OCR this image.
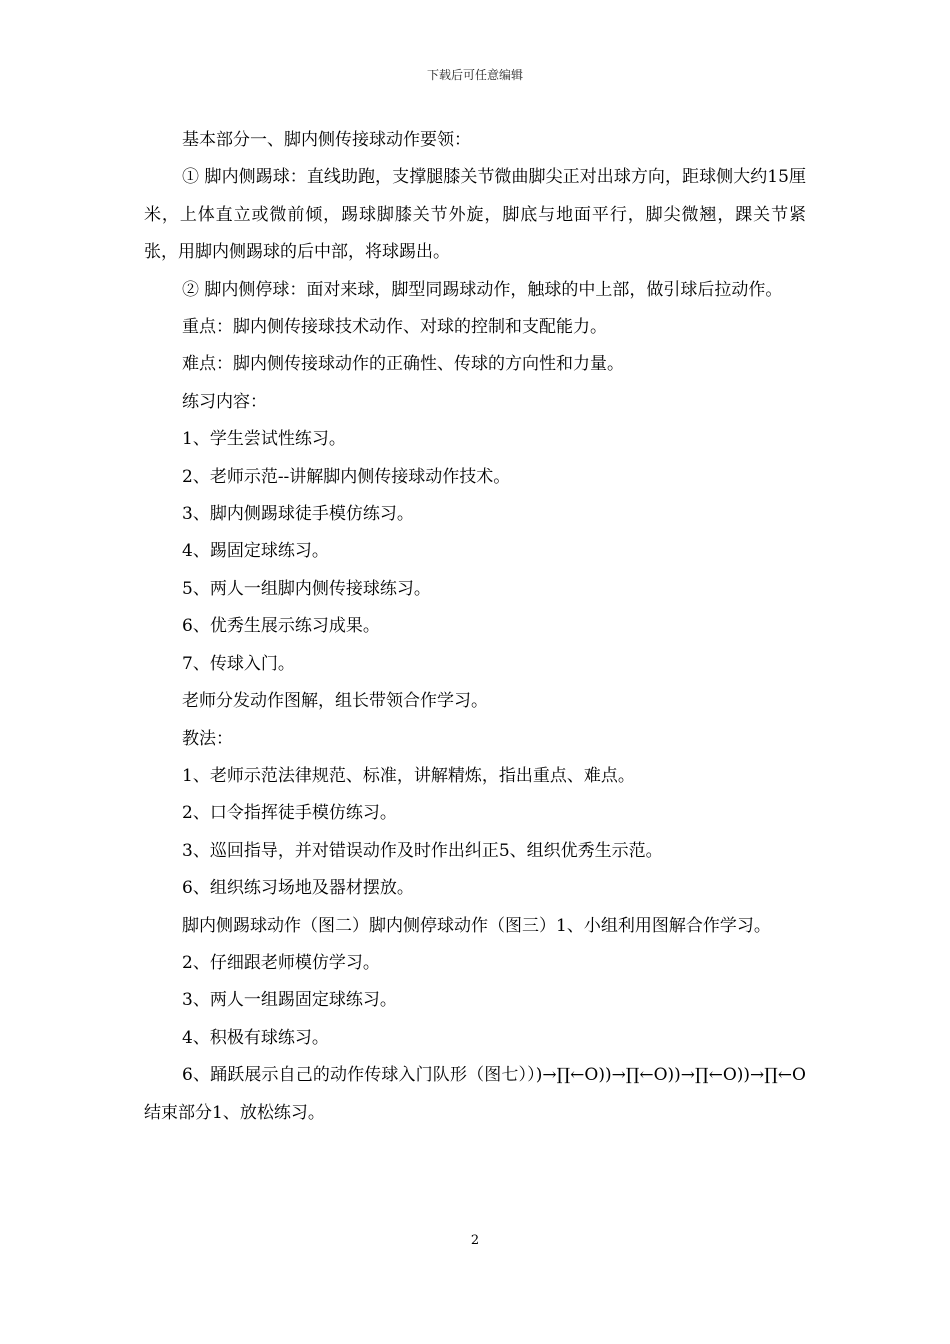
下载后可任意编辑

基本部分一、脚内侧传接球动作要领：

① 脚内侧踢球：直线助跑，支撑腿膝关节微曲脚尖正对出球方向，距球侧大约15厘米，上体直立或微前倾，踢球脚膝关节外旋，脚底与地面平行，脚尖微翘，踝关节紧张，用脚内侧踢球的后中部，将球踢出。

② 脚内侧停球：面对来球，脚型同踢球动作，触球的中上部，做引球后拉动作。

重点：脚内侧传接球技术动作、对球的控制和支配能力。

难点：脚内侧传接球动作的正确性、传球的方向性和力量。

练习内容：

1、学生尝试性练习。

2、老师示范--讲解脚内侧传接球动作技术。

3、脚内侧踢球徒手模仿练习。

4、踢固定球练习。

5、两人一组脚内侧传接球练习。

6、优秀生展示练习成果。

7、传球入门。

老师分发动作图解，组长带领合作学习。

教法：

1、老师示范法律规范、标准，讲解精炼，指出重点、难点。

2、口令指挥徒手模仿练习。

3、巡回指导，并对错误动作及时作出纠正5、组织优秀生示范。

6、组织练习场地及器材摆放。

脚内侧踢球动作（图二）脚内侧停球动作（图三）1、小组利用图解合作学习。

2、仔细跟老师模仿学习。

3、两人一组踢固定球练习。

4、积极有球练习。

6、踊跃展示自己的动作传球入门队形（图七））)→∏←O))→∏←O))→∏←O))→∏←O结束部分1、放松练习。

2
